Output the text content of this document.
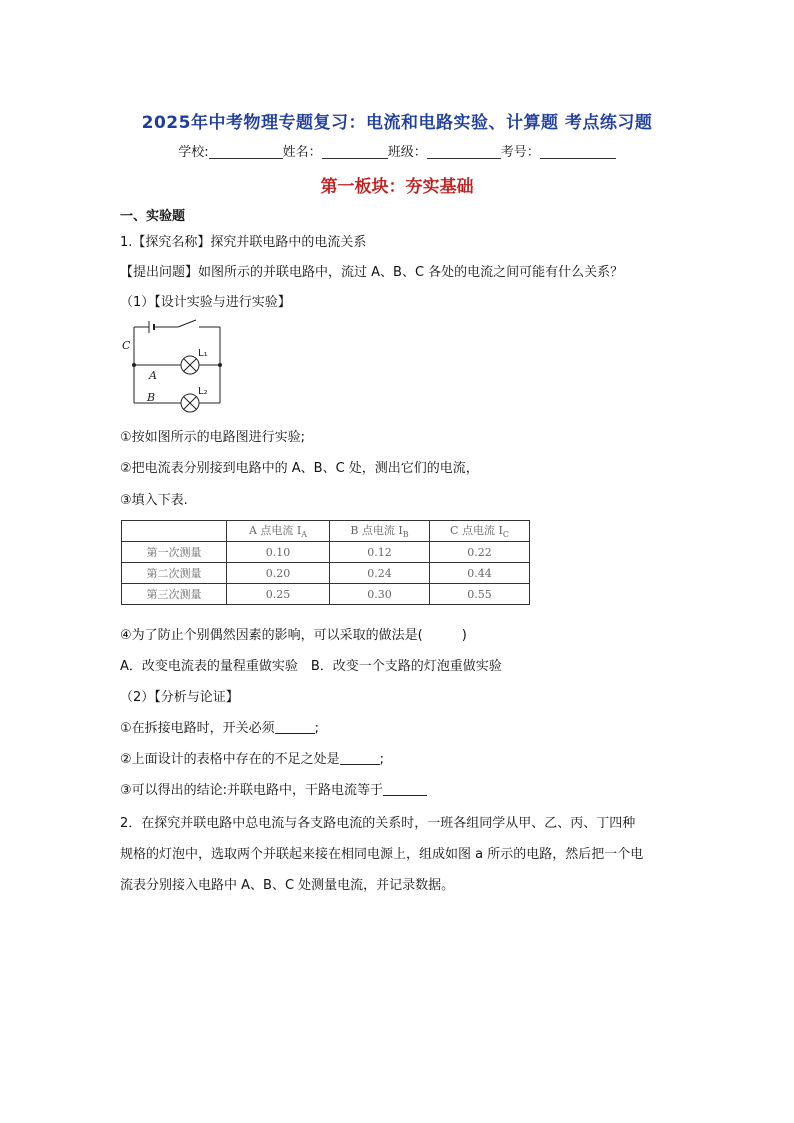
2025年中考物理专题复习：电流和电路实验、计算题 考点练习题
学校:	姓名：	班级：	考号：
第一板块：夯实基础
一、实验题
1.【探究名称】探究并联电路中的电流关系
【提出问题】如图所示的并联电路中，流过 A、B、C 各处的电流之间可能有什么关系？
（1）【设计实验与进行实验】
C
A
B
L₁
L₂
①按如图所示的电路图进行实验;
②把电流表分别接到电路中的 A、B、C 处，测出它们的电流，
③填入下表.
	A 点电流 $I_A$	B 点电流 $I_B$	C 点电流 $I_C$
第一次测量	0.10	0.12	0.22
第二次测量	0.20	0.24	0.44
第三次测量	0.25	0.30	0.55
④为了防止个别偶然因素的影响，可以采取的做法是(　　　)
A．改变电流表的量程重做实验　B．改变一个支路的灯泡重做实验
（2）【分析与论证】
①在拆接电路时，开关必须	;
②上面设计的表格中存在的不足之处是	;
③可以得出的结论:并联电路中，干路电流等于
2．在探究并联电路中总电流与各支路电流的关系时，一班各组同学从甲、乙、丙、丁四种
规格的灯泡中，选取两个并联起来接在相同电源上，组成如图 a 所示的电路，然后把一个电
流表分别接入电路中 A、B、C 处测量电流，并记录数据。
